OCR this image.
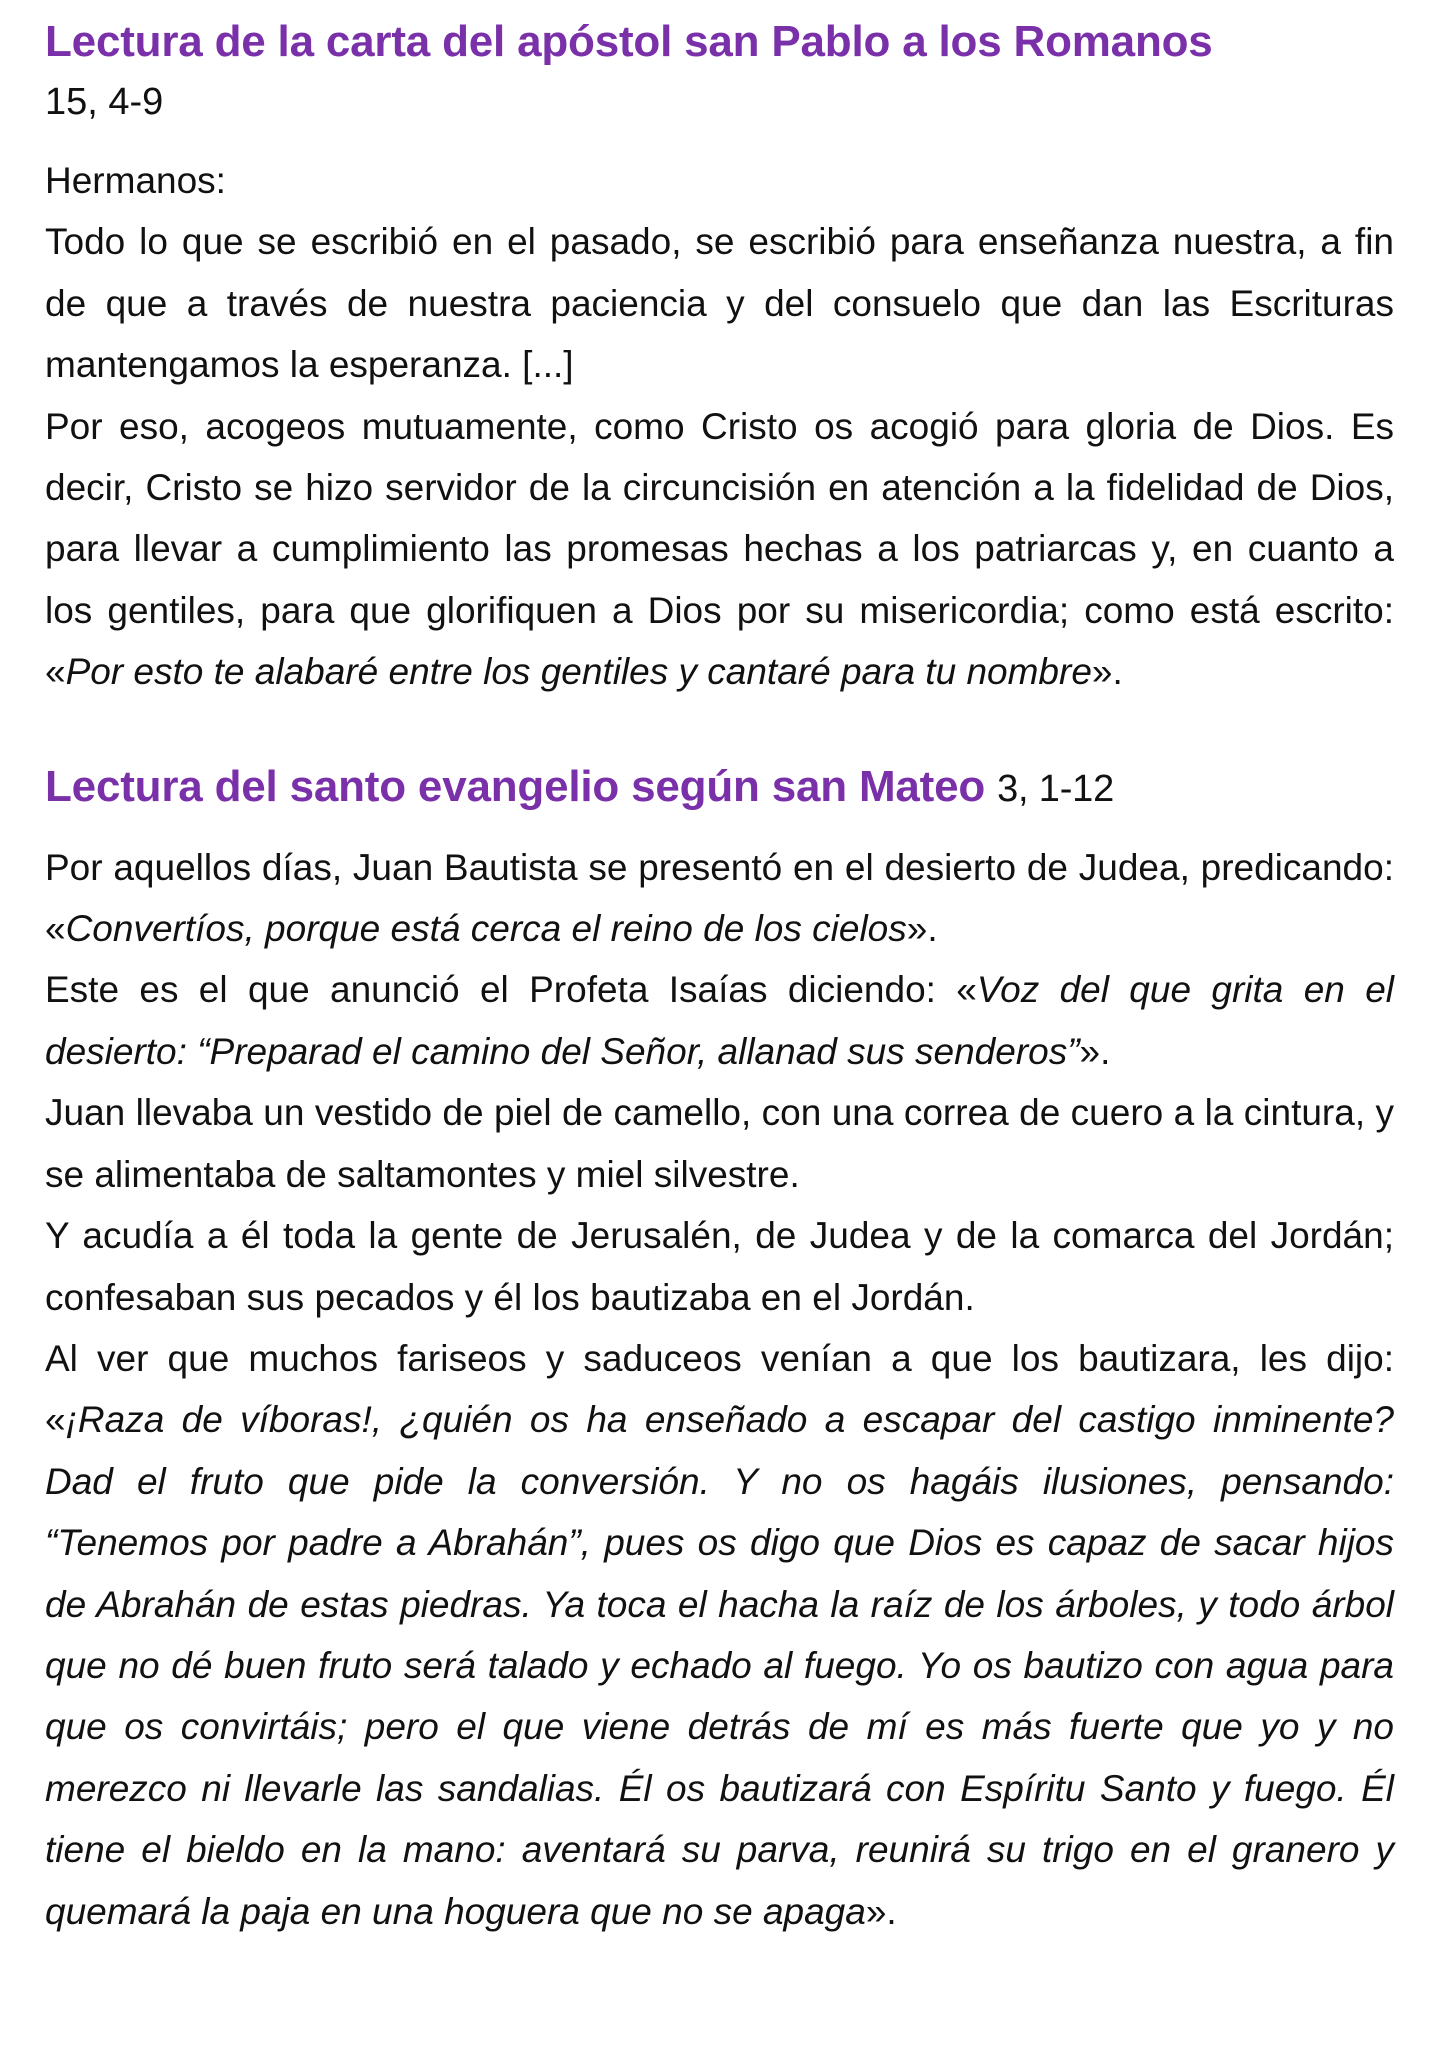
Lectura de la carta del apóstol san Pablo a los Romanos
15, 4-9

Hermanos:

Todo lo que se escribió en el pasado, se escribió para enseñanza nuestra, a fin de que a través de nuestra paciencia y del consuelo que dan las Escrituras mantengamos la esperanza. [...]

Por eso, acogeos mutuamente, como Cristo os acogió para gloria de Dios. Es decir, Cristo se hizo servidor de la circuncisión en atención a la fidelidad de Dios, para llevar a cumplimiento las promesas hechas a los patriarcas y, en cuanto a los gentiles, para que glorifiquen a Dios por su misericordia; como está escrito: «Por esto te alabaré entre los gentiles y cantaré para tu nombre».

Lectura del santo evangelio según san Mateo 3, 1-12

Por aquellos días, Juan Bautista se presentó en el desierto de Judea, predicando: «Convertíos, porque está cerca el reino de los cielos».

Este es el que anunció el Profeta Isaías diciendo: «Voz del que grita en el desierto: “Preparad el camino del Señor, allanad sus senderos”».

Juan llevaba un vestido de piel de camello, con una correa de cuero a la cintura, y se alimentaba de saltamontes y miel silvestre.

Y acudía a él toda la gente de Jerusalén, de Judea y de la comarca del Jordán; confesaban sus pecados y él los bautizaba en el Jordán.

Al ver que muchos fariseos y saduceos venían a que los bautizara, les dijo: «¡Raza de víboras!, ¿quién os ha enseñado a escapar del castigo inminente? Dad el fruto que pide la conversión. Y no os hagáis ilusiones, pensando: “Tenemos por padre a Abrahán”, pues os digo que Dios es capaz de sacar hijos de Abrahán de estas piedras. Ya toca el hacha la raíz de los árboles, y todo árbol que no dé buen fruto será talado y echado al fuego. Yo os bautizo con agua para que os convirtáis; pero el que viene detrás de mí es más fuerte que yo y no merezco ni llevarle las sandalias. Él os bautizará con Espíritu Santo y fuego. Él tiene el bieldo en la mano: aventará su parva, reunirá su trigo en el granero y quemará la paja en una hoguera que no se apaga».
